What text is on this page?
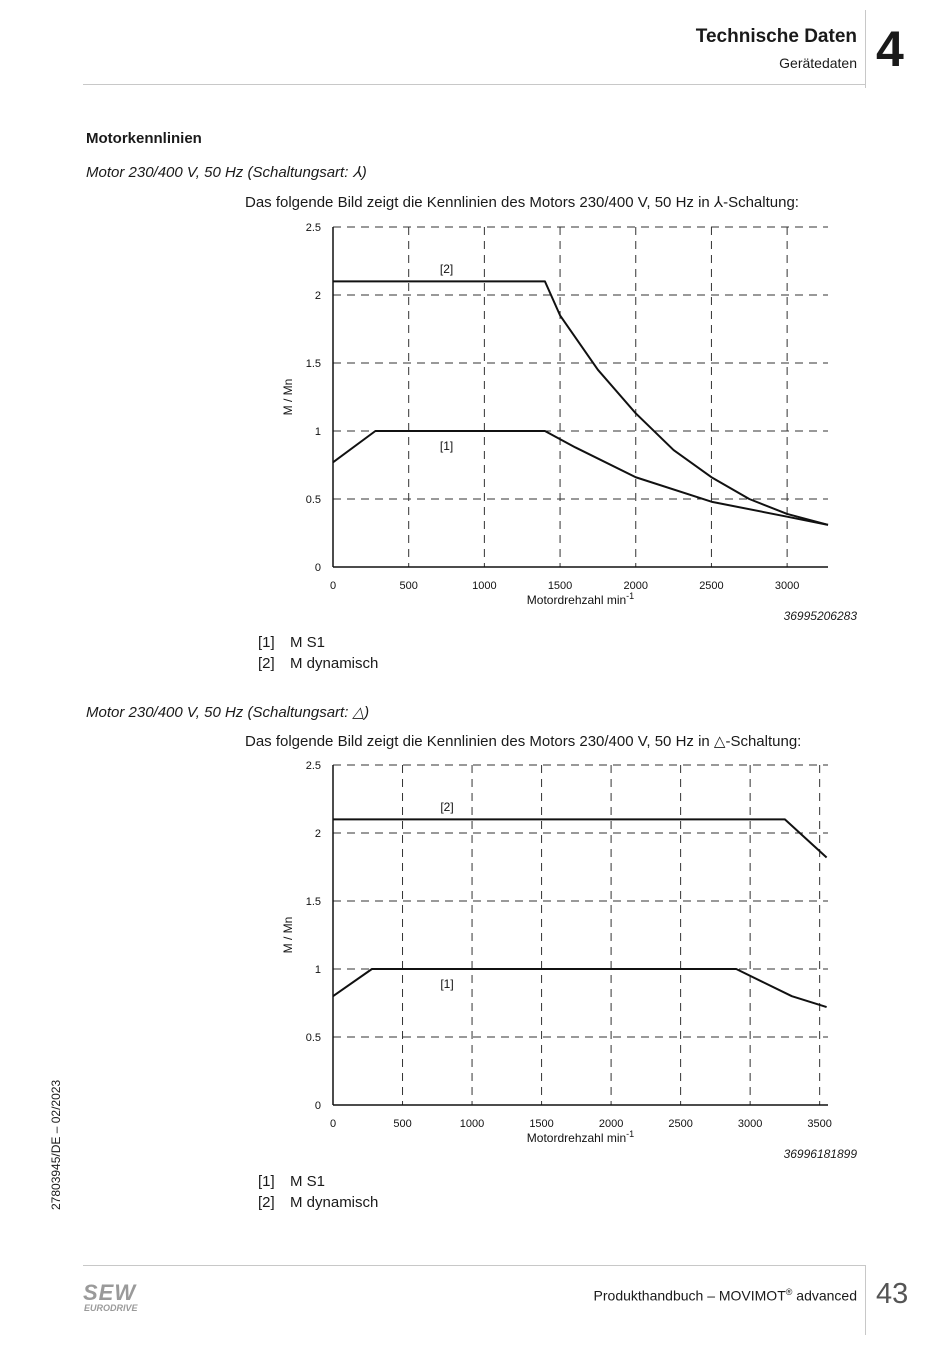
Technische Daten
Gerätedaten 4
Motorkennlinien
Motor 230/400 V, 50 Hz (Schaltungsart: ⅄)
Das folgende Bild zeigt die Kennlinien des Motors 230/400 V, 50 Hz in ⅄-Schaltung:
0
0.5
1
1.5
2
2.5
0	500	1000	1500	2000	2500	3000
Motordrehzahl $\min^{-1}$
M / Mn
[1]
[2]
36995206283
[1] M S1
[2] M dynamisch
Motor 230/400 V, 50 Hz (Schaltungsart: △)
Das folgende Bild zeigt die Kennlinien des Motors 230/400 V, 50 Hz in △-Schaltung:
0
0.5
1
1.5
2
2.5
0	500	1000	1500	2000	2500	3000	3500
Motordrehzahl $\min^{-1}$
M / Mn
[1]
[2]
36996181899
[1] M S1
[2] M dynamisch
27803945/DE – 02/2023
SEW
EURODRIVE
Produkthandbuch – MOVIMOT® advanced 43
